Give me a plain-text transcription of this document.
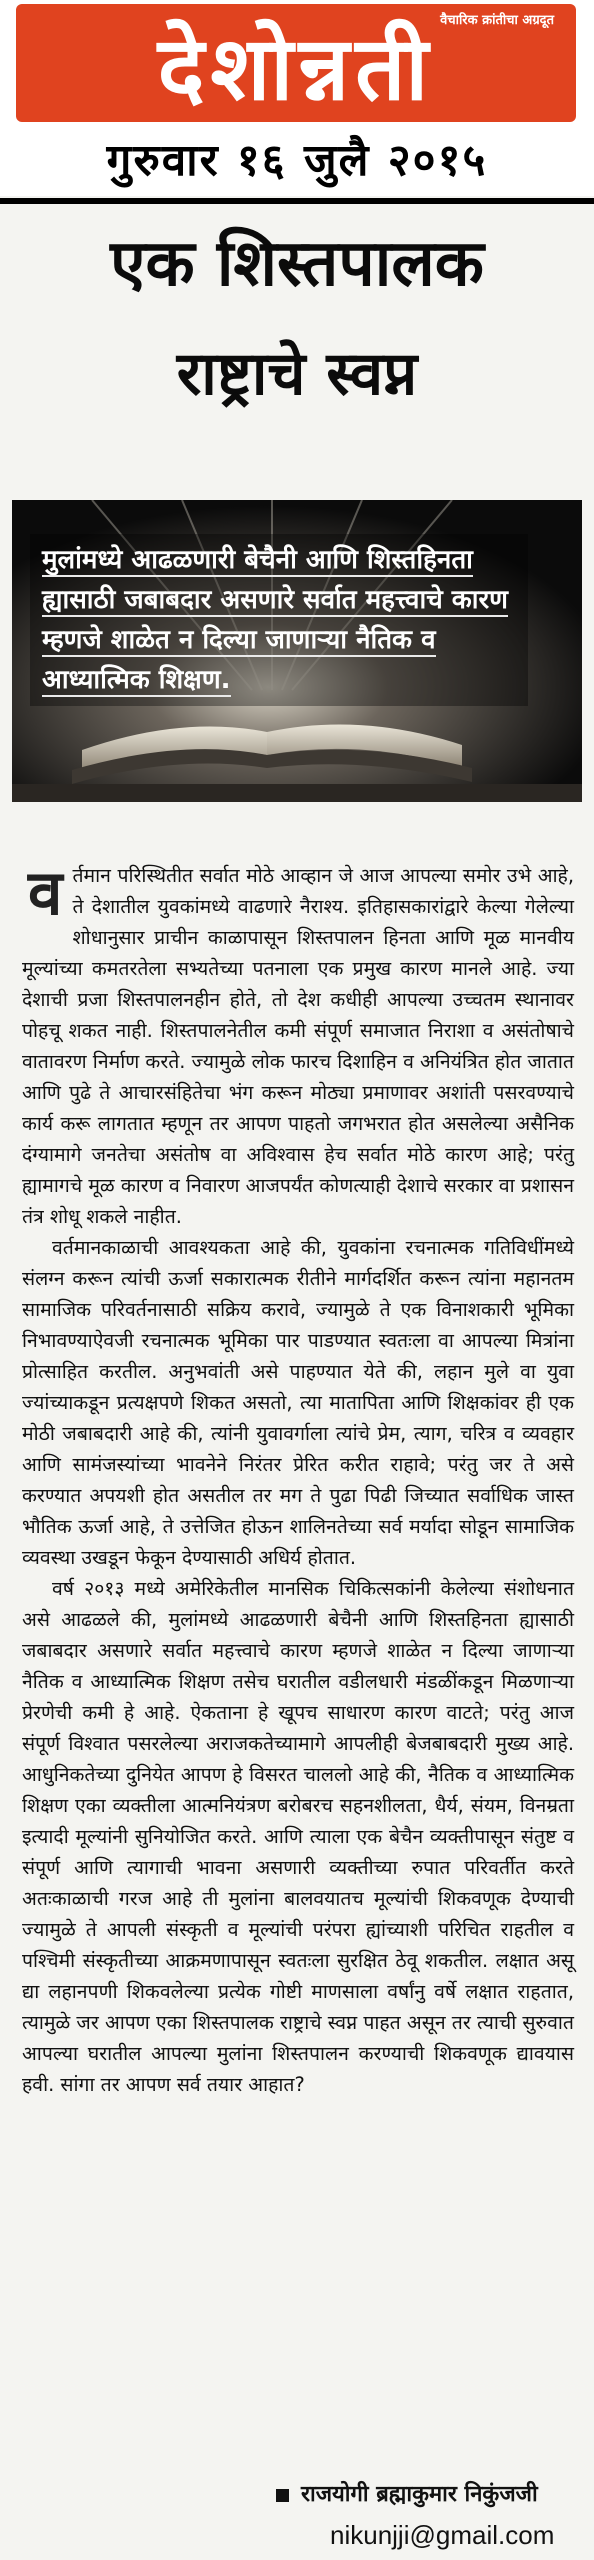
वैचारिक क्रांतीचा अग्रदूत
देशोन्नती
गुरुवार १६ जुलै २०१५
एक शिस्तपालक
राष्ट्राचे स्वप्न
मुलांमध्ये आढळणारी बेचैनी आणि शिस्तहिनता ह्यासाठी जबाबदार असणारे सर्वात महत्त्वाचे कारण म्हणजे शाळेत न दिल्या जाणाऱ्या नैतिक व आध्यात्मिक शिक्षण.

वर्तमान परिस्थितीत सर्वात मोठे आव्हान जे आज आपल्या समोर उभे आहे, ते देशातील युवकांमध्ये वाढणारे नैराश्य. इतिहासकारांद्वारे केल्या गेलेल्या शोधानुसार प्राचीन काळापासून शिस्तपालन हिनता आणि मूळ मानवीय मूल्यांच्या कमतरतेला सभ्यतेच्या पतनाला एक प्रमुख कारण मानले आहे. ज्या देशाची प्रजा शिस्तपालनहीन होते, तो देश कधीही आपल्या उच्चतम स्थानावर पोहचू शकत नाही. शिस्तपालनेतील कमी संपूर्ण समाजात निराशा व असंतोषाचे वातावरण निर्माण करते. ज्यामुळे लोक फारच दिशाहिन व अनियंत्रित होत जातात आणि पुढे ते आचारसंहितेचा भंग करून मोठ्या प्रमाणावर अशांती पसरवण्याचे कार्य करू लागतात म्हणून तर आपण पाहतो जगभरात होत असलेल्या असैनिक दंग्यामागे जनतेचा असंतोष वा अविश्वास हेच सर्वात मोठे कारण आहे; परंतु ह्यामागचे मूळ कारण व निवारण आजपर्यंत कोणत्याही देशाचे सरकार वा प्रशासन तंत्र शोधू शकले नाहीत.

वर्तमानकाळाची आवश्यकता आहे की, युवकांना रचनात्मक गतिविधींमध्ये संलग्न करून त्यांची ऊर्जा सकारात्मक रीतीने मार्गदर्शित करून त्यांना महानतम सामाजिक परिवर्तनासाठी सक्रिय करावे, ज्यामुळे ते एक विनाशकारी भूमिका निभावण्याऐवजी रचनात्मक भूमिका पार पाडण्यात स्वतःला वा आपल्या मित्रांना प्रोत्साहित करतील. अनुभवांती असे पाहण्यात येते की, लहान मुले वा युवा ज्यांच्याकडून प्रत्यक्षपणे शिकत असतो, त्या मातापिता आणि शिक्षकांवर ही एक मोठी जबाबदारी आहे की, त्यांनी युवावर्गाला त्यांचे प्रेम, त्याग, चरित्र व व्यवहार आणि सामंजस्यांच्या भावनेने निरंतर प्रेरित करीत राहावे; परंतु जर ते असे करण्यात अपयशी होत असतील तर मग ते पुढा पिढी जिच्यात सर्वाधिक जास्त भौतिक ऊर्जा आहे, ते उत्तेजित होऊन शालिनतेच्या सर्व मर्यादा सोडून सामाजिक व्यवस्था उखडून फेकून देण्यासाठी अधिर्य होतात.

वर्ष २०१३ मध्ये अमेरिकेतील मानसिक चिकित्सकांनी केलेल्या संशोधनात असे आढळले की, मुलांमध्ये आढळणारी बेचैनी आणि शिस्तहिनता ह्यासाठी जबाबदार असणारे सर्वात महत्त्वाचे कारण म्हणजे शाळेत न दिल्या जाणाऱ्या नैतिक व आध्यात्मिक शिक्षण तसेच घरातील वडीलधारी मंडळींकडून मिळणाऱ्या प्रेरणेची कमी हे आहे. ऐकताना हे खूपच साधारण कारण वाटते; परंतु आज संपूर्ण विश्वात पसरलेल्या अराजकतेच्यामागे आपलीही बेजबाबदारी मुख्य आहे. आधुनिकतेच्या दुनियेत आपण हे विसरत चाललो आहे की, नैतिक व आध्यात्मिक शिक्षण एका व्यक्तीला आत्मनियंत्रण बरोबरच सहनशीलता, धैर्य, संयम, विनम्रता इत्यादी मूल्यांनी सुनियोजित करते. आणि त्याला एक बेचैन व्यक्तीपासून संतुष्ट व संपूर्ण आणि त्यागाची भावना असणारी व्यक्तीच्या रुपात परिवर्तीत करते अतःकाळाची गरज आहे ती मुलांना बालवयातच मूल्यांची शिकवणूक देण्याची ज्यामुळे ते आपली संस्कृती व मूल्यांची परंपरा ह्यांच्याशी परिचित राहतील व पश्चिमी संस्कृतीच्या आक्रमणापासून स्वतःला सुरक्षित ठेवू शकतील. लक्षात असू द्या लहानपणी शिकवलेल्या प्रत्येक गोष्टी माणसाला वर्षांनु वर्षे लक्षात राहतात, त्यामुळे जर आपण एका शिस्तपालक राष्ट्राचे स्वप्न पाहत असून तर त्याची सुरुवात आपल्या घरातील आपल्या मुलांना शिस्तपालन करण्याची शिकवणूक द्यावयास हवी. सांगा तर आपण सर्व तयार आहात?

राजयोगी ब्रह्माकुमार निकुंजजी
nikunjji@gmail.com
